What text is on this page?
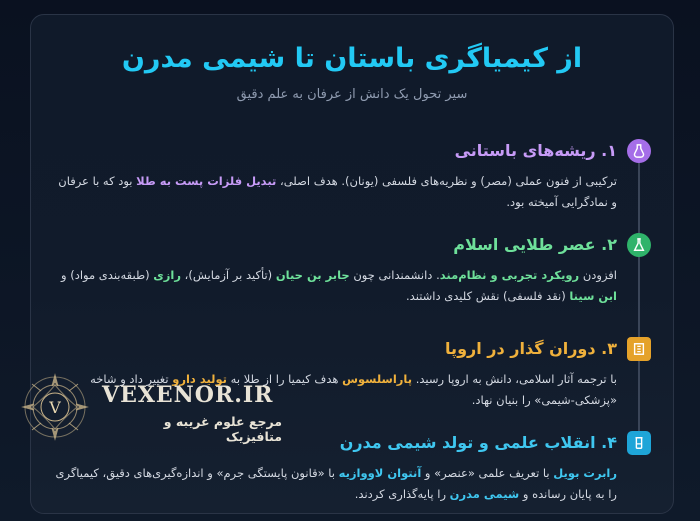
از کیمیاگری باستان تا شیمی مدرن
سیر تحول یک دانش از عرفان به علم دقیق
۱. ریشه‌های باستانی
ترکیبی از فنون عملی (مصر) و نظریه‌های فلسفی (یونان). هدف اصلی، تبدیل فلزات پست به طلا بود که با عرفان و نمادگرایی آمیخته بود.
۲. عصر طلایی اسلام
افزودن رویکرد تجربی و نظام‌مند. دانشمندانی چون جابر بن حیان (تأکید بر آزمایش)، رازی (طبقه‌بندی مواد) و ابن سینا (نقد فلسفی) نقش کلیدی داشتند.
۳. دوران گذار در اروپا
با ترجمه آثار اسلامی، دانش به اروپا رسید. پاراسلسوس هدف کیمیا را از طلا به تولید دارو تغییر داد و شاخه «پزشکی-شیمی» را بنیان نهاد.
۴. انقلاب علمی و تولد شیمی مدرن
رابرت بویل با تعریف علمی «عنصر» و آنتوان لاووازیه با «قانون پایستگی جرم» و اندازه‌گیری‌های دقیق، کیمیاگری را به پایان رسانده و شیمی مدرن را پایه‌گذاری کردند.
V VEXENOR.IR
مرجع علوم غریبه و متافیزیک
